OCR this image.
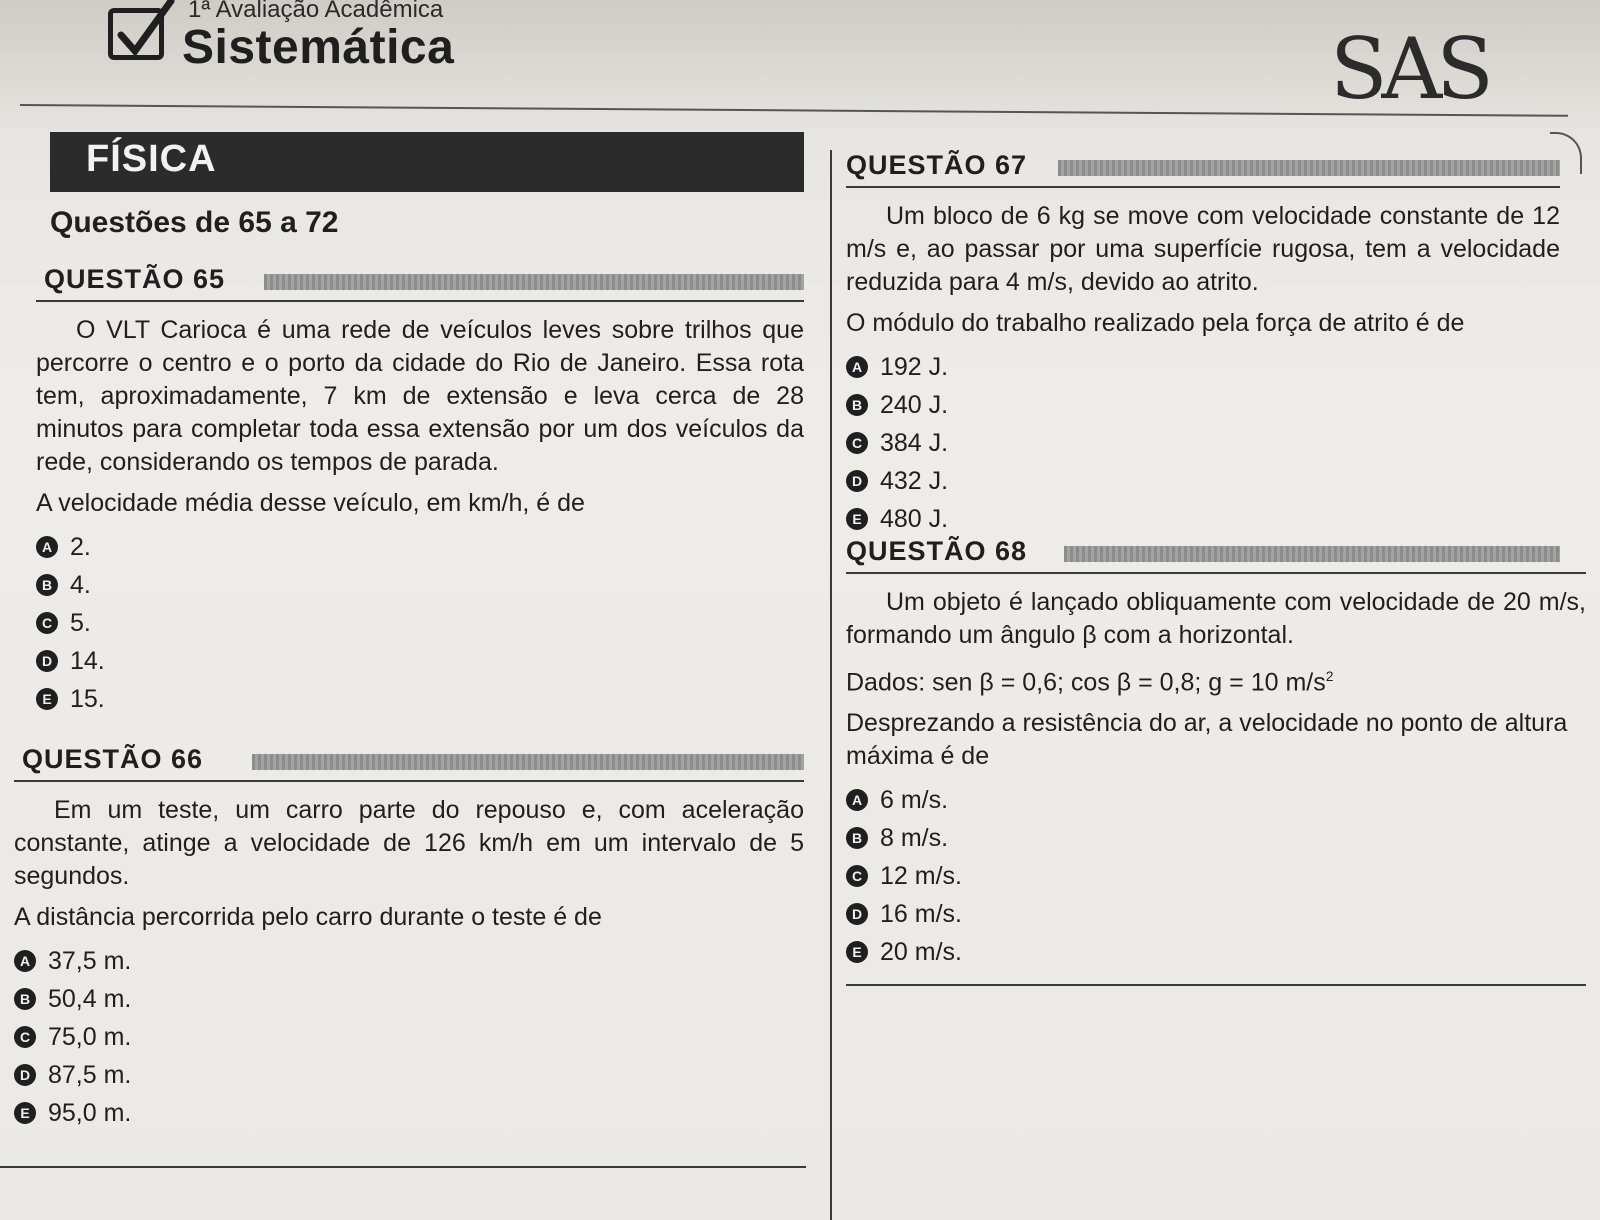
1ª Avaliação Acadêmica
Sistemática	SAS
FÍSICA
Questões de 65 a 72
QUESTÃO 65
O VLT Carioca é uma rede de veículos leves sobre trilhos que percorre o centro e o porto da cidade do Rio de Janeiro. Essa rota tem, aproximadamente, 7 km de extensão e leva cerca de 28 minutos para completar toda essa extensão por um dos veículos da rede, considerando os tempos de parada.
A velocidade média desse veículo, em km/h, é de
A 2.
B 4.
C 5.
D 14.
E 15.
QUESTÃO 66
Em um teste, um carro parte do repouso e, com aceleração constante, atinge a velocidade de 126 km/h em um intervalo de 5 segundos.
A distância percorrida pelo carro durante o teste é de
A 37,5 m.
B 50,4 m.
C 75,0 m.
D 87,5 m.
E 95,0 m.
QUESTÃO 67
Um bloco de 6 kg se move com velocidade constante de 12 m/s e, ao passar por uma superfície rugosa, tem a velocidade reduzida para 4 m/s, devido ao atrito.
O módulo do trabalho realizado pela força de atrito é de
A 192 J.
B 240 J.
C 384 J.
D 432 J.
E 480 J.
QUESTÃO 68
Um objeto é lançado obliquamente com velocidade de 20 m/s, formando um ângulo β com a horizontal.
Dados: sen β = 0,6; cos β = 0,8; g = 10 $m/s^2$
Desprezando a resistência do ar, a velocidade no ponto de altura máxima é de
A 6 m/s.
B 8 m/s.
C 12 m/s.
D 16 m/s.
E 20 m/s.
